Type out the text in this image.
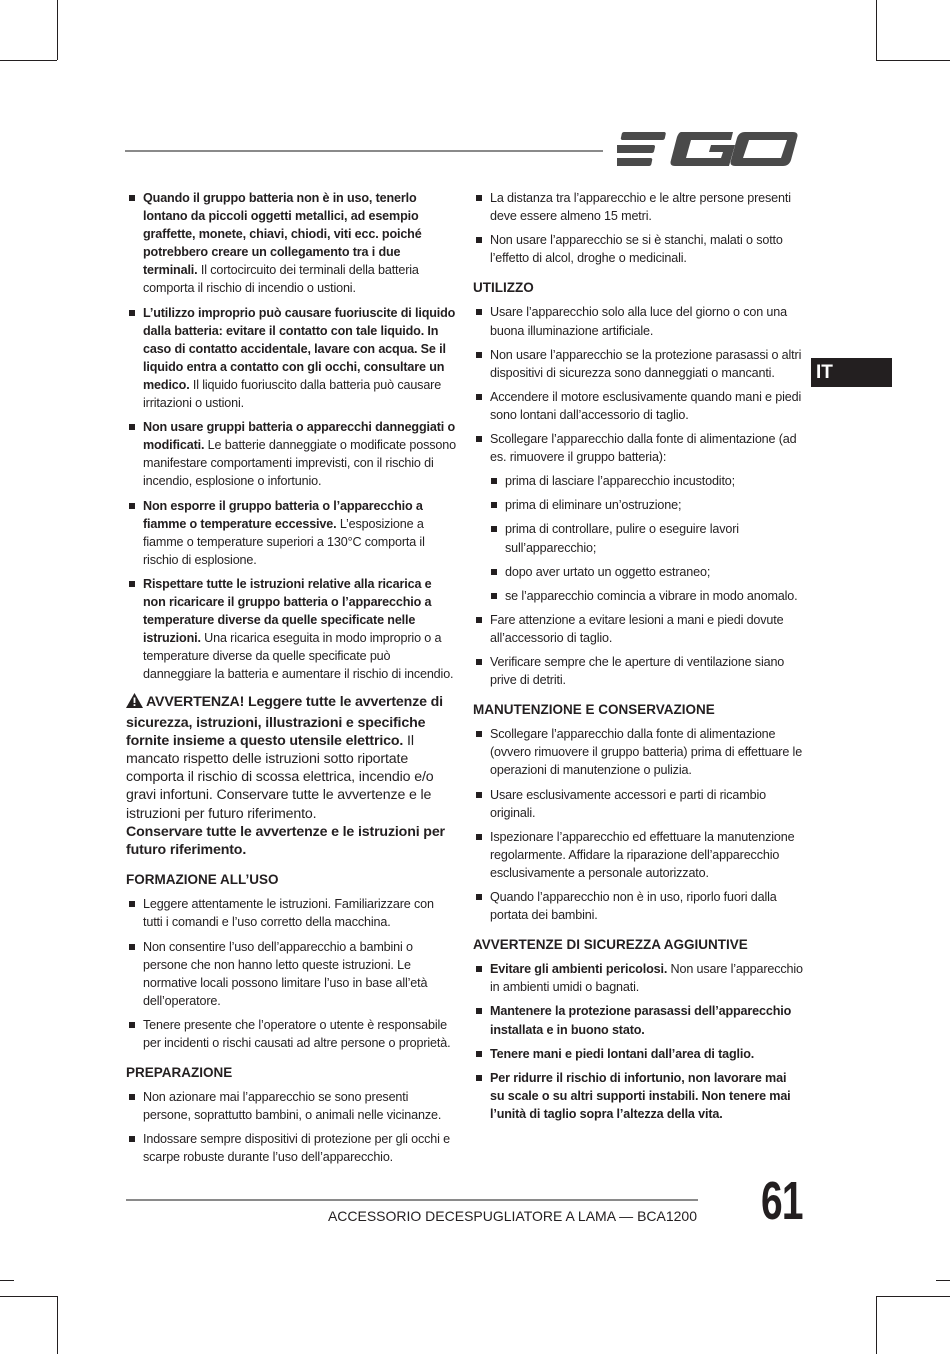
IT
Quando il gruppo batteria non è in uso, tenerlo lontano da piccoli oggetti metallici, ad esempio graffette, monete, chiavi, chiodi, viti ecc. poiché potrebbero creare un collegamento tra i due terminali. Il cortocircuito dei terminali della batteria comporta il rischio di incendio o ustioni.
L’utilizzo improprio può causare fuoriuscite di liquido dalla batteria: evitare il contatto con tale liquido. In caso di contatto accidentale, lavare con acqua. Se il liquido entra a contatto con gli occhi, consultare un medico. Il liquido fuoriuscito dalla batteria può causare irritazioni o ustioni.
Non usare gruppi batteria o apparecchi danneggiati o modificati. Le batterie danneggiate o modificate possono manifestare comportamenti imprevisti, con il rischio di incendio, esplosione o infortunio.
Non esporre il gruppo batteria o l’apparecchio a fiamme o temperature eccessive. L’esposizione a fiamme o temperature superiori a 130°C comporta il rischio di esplosione.
Rispettare tutte le istruzioni relative alla ricarica e non ricaricare il gruppo batteria o l’apparecchio a temperature diverse da quelle specificate nelle istruzioni. Una ricarica eseguita in modo improprio o a temperature diverse da quelle specificate può danneggiare la batteria e aumentare il rischio di incendio.
AVVERTENZA! Leggere tutte le avvertenze di sicurezza, istruzioni, illustrazioni e specifiche fornite insieme a questo utensile elettrico. Il mancato rispetto delle istruzioni sotto riportate comporta il rischio di scossa elettrica, incendio e/o gravi infortuni. Conservare tutte le avvertenze e le istruzioni per futuro riferimento.
Conservare tutte le avvertenze e le istruzioni per futuro riferimento.
FORMAZIONE ALL’USO
Leggere attentamente le istruzioni. Familiarizzare con tutti i comandi e l’uso corretto della macchina.
Non consentire l’uso dell’apparecchio a bambini o persone che non hanno letto queste istruzioni. Le normative locali possono limitare l’uso in base all’età dell’operatore.
Tenere presente che l’operatore o utente è responsabile per incidenti o rischi causati ad altre persone o proprietà.
PREPARAZIONE
Non azionare mai l’apparecchio se sono presenti persone, soprattutto bambini, o animali nelle vicinanze.
Indossare sempre dispositivi di protezione per gli occhi e scarpe robuste durante l’uso dell’apparecchio.
La distanza tra l’apparecchio e le altre persone presenti deve essere almeno 15 metri.
Non usare l’apparecchio se si è stanchi, malati o sotto l’effetto di alcol, droghe o medicinali.
UTILIZZO
Usare l’apparecchio solo alla luce del giorno o con una buona illuminazione artificiale.
Non usare l’apparecchio se la protezione parasassi o altri dispositivi di sicurezza sono danneggiati o mancanti.
Accendere il motore esclusivamente quando mani e piedi sono lontani dall’accessorio di taglio.
Scollegare l’apparecchio dalla fonte di alimentazione (ad es. rimuovere il gruppo batteria):
prima di lasciare l’apparecchio incustodito;
prima di eliminare un’ostruzione;
prima di controllare, pulire o eseguire lavori sull’apparecchio;
dopo aver urtato un oggetto estraneo;
se l’apparecchio comincia a vibrare in modo anomalo.
Fare attenzione a evitare lesioni a mani e piedi dovute all’accessorio di taglio.
Verificare sempre che le aperture di ventilazione siano prive di detriti.
MANUTENZIONE E CONSERVAZIONE
Scollegare l’apparecchio dalla fonte di alimentazione (ovvero rimuovere il gruppo batteria) prima di effettuare le operazioni di manutenzione o pulizia.
Usare esclusivamente accessori e parti di ricambio originali.
Ispezionare l’apparecchio ed effettuare la manutenzione regolarmente. Affidare la riparazione dell’apparecchio esclusivamente a personale autorizzato.
Quando l’apparecchio non è in uso, riporlo fuori dalla portata dei bambini.
AVVERTENZE DI SICUREZZA AGGIUNTIVE
Evitare gli ambienti pericolosi. Non usare l’apparecchio in ambienti umidi o bagnati.
Mantenere la protezione parasassi dell’apparecchio installata e in buono stato.
Tenere mani e piedi lontani dall’area di taglio.
Per ridurre il rischio di infortunio, non lavorare mai su scale o su altri supporti instabili. Non tenere mai l’unità di taglio sopra l’altezza della vita.
ACCESSORIO DECESPUGLIATORE A LAMA — BCA1200 61
